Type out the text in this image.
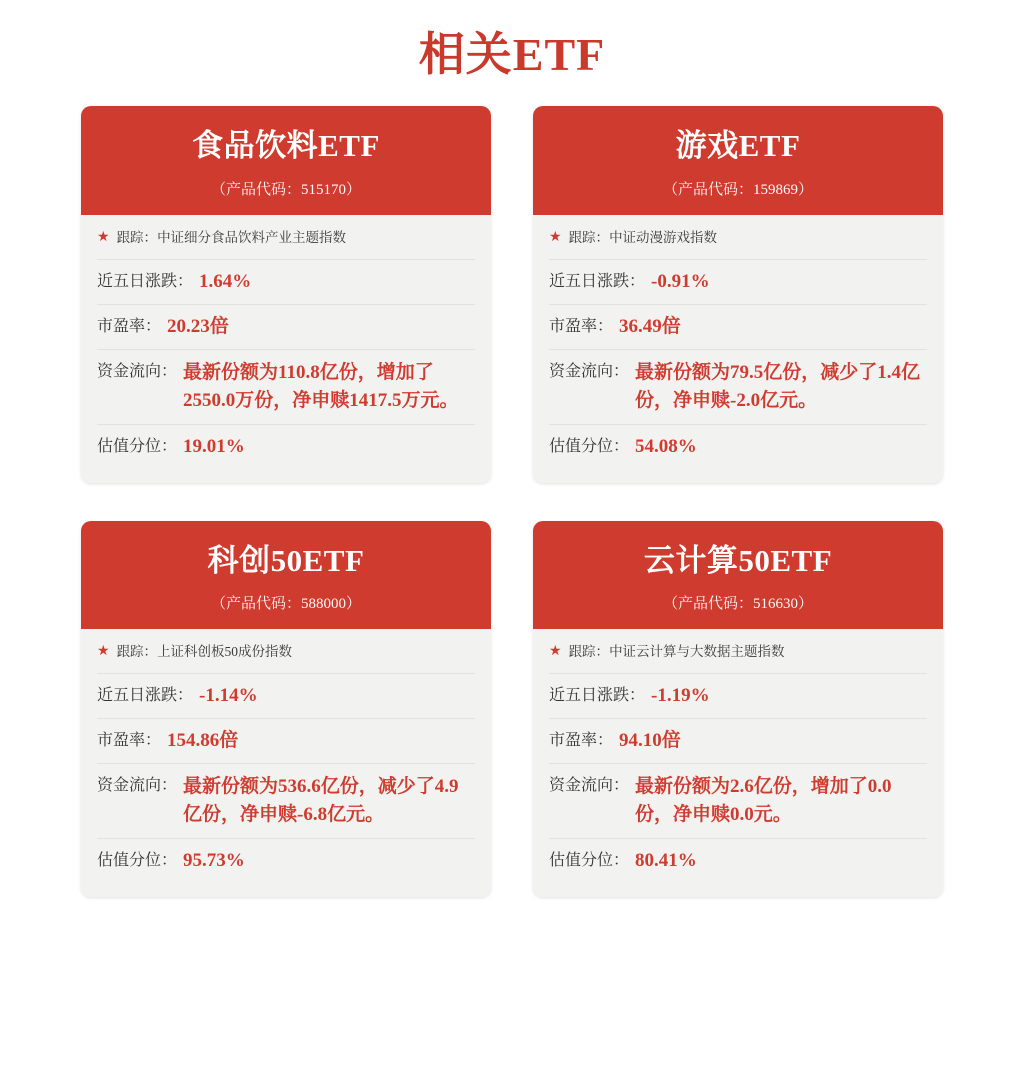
相关ETF
食品饮料ETF
（产品代码：515170）
★ 跟踪：中证细分食品饮料产业主题指数
近五日涨跌： 1.64%
市盈率： 20.23倍
资金流向： 最新份额为110.8亿份，增加了2550.0万份，净申赎1417.5万元。
估值分位： 19.01%
游戏ETF
（产品代码：159869）
★ 跟踪：中证动漫游戏指数
近五日涨跌： -0.91%
市盈率： 36.49倍
资金流向： 最新份额为79.5亿份，减少了1.4亿份，净申赎-2.0亿元。
估值分位： 54.08%
科创50ETF
（产品代码：588000）
★ 跟踪：上证科创板50成份指数
近五日涨跌： -1.14%
市盈率： 154.86倍
资金流向： 最新份额为536.6亿份，减少了4.9亿份，净申赎-6.8亿元。
估值分位： 95.73%
云计算50ETF
（产品代码：516630）
★ 跟踪：中证云计算与大数据主题指数
近五日涨跌： -1.19%
市盈率： 94.10倍
资金流向： 最新份额为2.6亿份，增加了0.0份，净申赎0.0元。
估值分位： 80.41%
